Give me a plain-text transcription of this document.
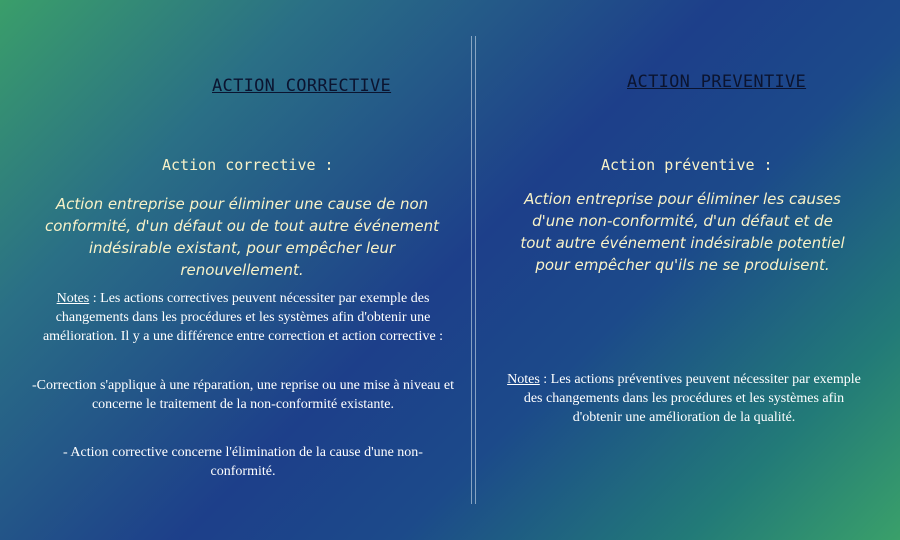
ACTION CORRECTIVE	ACTION PREVENTIVE
Action corrective :
Action entreprise pour éliminer une cause de non conformité, d'un défaut ou de tout autre événement indésirable existant, pour empêcher leur renouvellement.
Notes : Les actions correctives peuvent nécessiter par exemple des changements dans les procédures et les systèmes afin d'obtenir une amélioration. Il y a une différence entre correction et action corrective :
-Correction s'applique à une réparation, une reprise ou une mise à niveau et concerne le traitement de la non-conformité existante.
- Action corrective concerne l'élimination de la cause d'une non-conformité.
Action préventive :
Action entreprise pour éliminer les causes d'une non-conformité, d'un défaut et de tout autre événement indésirable potentiel pour empêcher qu'ils ne se produisent.
Notes : Les actions préventives peuvent nécessiter par exemple des changements dans les procédures et les systèmes afin d'obtenir une amélioration de la qualité.
